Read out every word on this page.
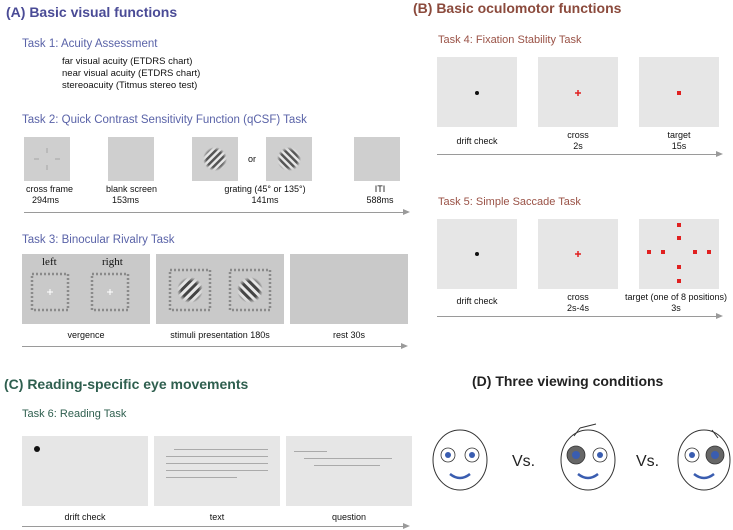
(A) Basic visual functions
Task 1: Acuity Assessment
far visual acuity (ETDRS chart)
near visual acuity (ETDRS chart)
stereoacuity (Titmus stereo test)
Task 2: Quick Contrast Sensitivity Function (qCSF) Task
or
cross frame
294ms
blank screen
153ms
grating (45° or 135°)
141ms
ITI
588ms
Task 3: Binocular Rivalry Task
left	right
vergence	stimuli presentation 180s	rest 30s
(B) Basic oculomotor functions
Task 4: Fixation Stability Task
drift check
cross
2s
target
15s
Task 5: Simple Saccade Task
drift check	cross
2s-4s
target (one of 8 positions)
3s
(C) Reading-specific eye movements
Task 6: Reading Task
drift check	text	question
(D) Three viewing conditions
Vs.	Vs.
